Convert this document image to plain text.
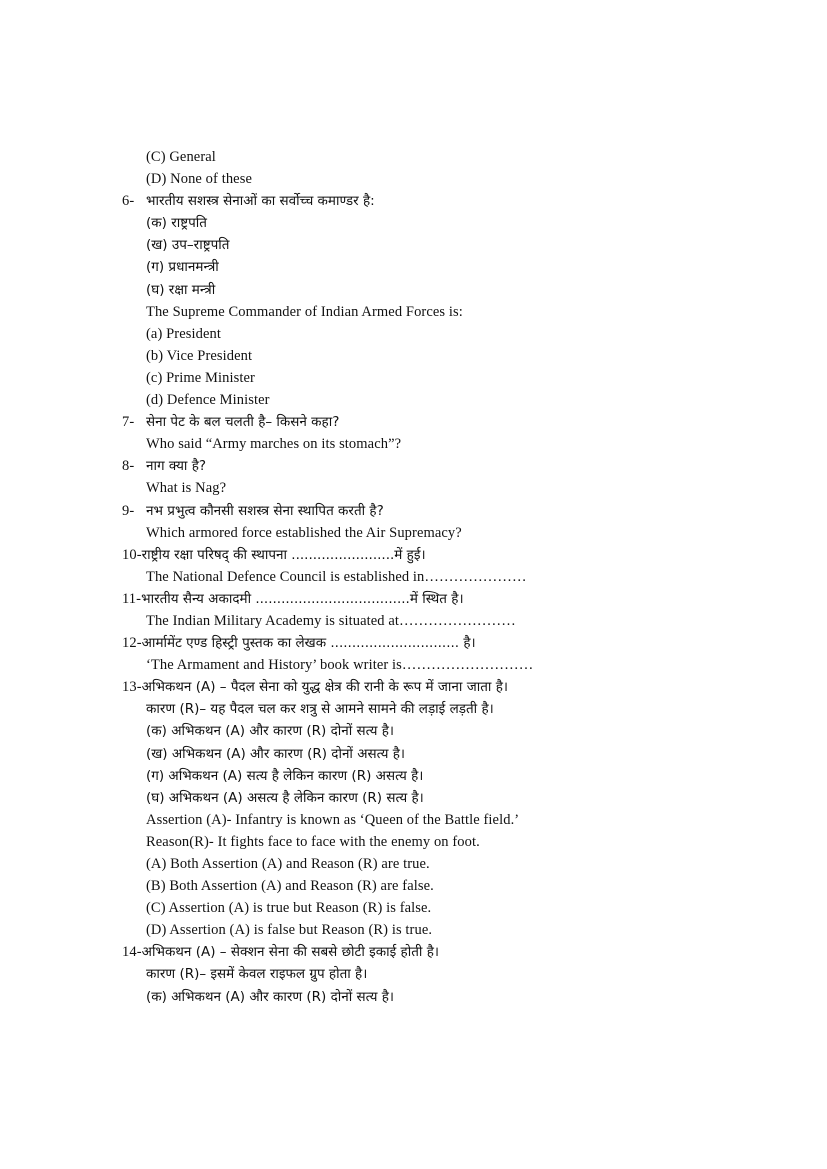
(C) General
(D) None of these
6- भारतीय सशस्त्र सेनाओं का सर्वोच्च कमाण्डर है:
(क) राष्ट्रपति
(ख) उप–राष्ट्रपति
(ग) प्रधानमन्त्री
(घ) रक्षा मन्त्री
The Supreme Commander of Indian Armed Forces is:
(a) President
(b) Vice President
(c) Prime Minister
(d) Defence Minister
7- सेना पेट के बल चलती है– किसने कहा?
Who said “Army marches on its stomach”?
8- नाग क्या है?
What is Nag?
9- नभ प्रभुत्व कौनसी सशस्त्र सेना स्थापित करती है?
Which armored force established the Air Supremacy?
10- राष्ट्रीय रक्षा परिषद् की स्थापना ........................में हुई।
The National Defence Council is established in…………………
11- भारतीय सैन्य अकादमी ....................................में स्थित है।
The Indian Military Academy is situated at……………………
12- आर्मामेंट एण्ड हिस्ट्री पुस्तक का लेखक .............................. है।
‘The Armament and History’ book writer is………………………
13- अभिकथन (A) – पैदल सेना को युद्ध क्षेत्र की रानी के रूप में जाना जाता है।
कारण (R)– यह पैदल चल कर शत्रु से आमने सामने की लड़ाई लड़ती है।
(क) अभिकथन (A) और कारण (R) दोनों सत्य है।
(ख) अभिकथन (A) और कारण (R) दोनों असत्य है।
(ग) अभिकथन (A) सत्य है लेकिन कारण (R) असत्य है।
(घ) अभिकथन (A) असत्य है लेकिन कारण (R) सत्य है।
Assertion (A)- Infantry is known as ‘Queen of the Battle field.’
Reason(R)- It fights face to face with the enemy on foot.
(A) Both Assertion (A) and Reason (R) are true.
(B) Both Assertion (A) and Reason (R) are false.
(C) Assertion (A) is true but Reason (R) is false.
(D) Assertion (A) is false but Reason (R) is true.
14- अभिकथन (A) – सेक्शन सेना की सबसे छोटी इकाई होती है।
कारण (R)– इसमें केवल राइफल ग्रुप होता है।
(क) अभिकथन (A) और कारण (R) दोनों सत्य है।
